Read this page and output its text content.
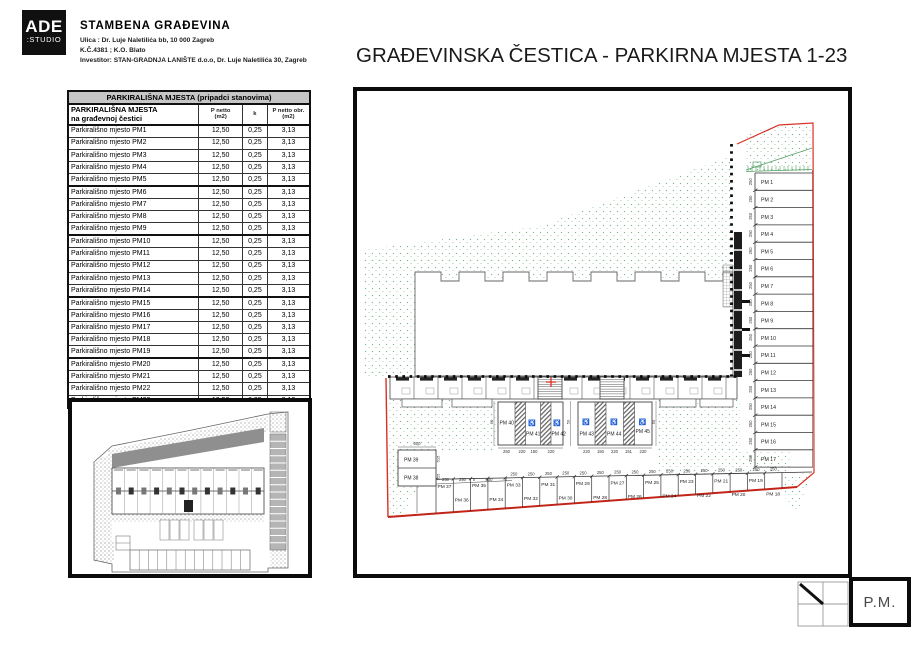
ADE
:STUDIO
STAMBENA GRAĐEVINA
Ulica : Dr. Luje Naletilića bb, 10 000 Zagreb
K.Č.4381 ; K.O. Blato
Investitor: STAN-GRADNJA LANIŠTE d.o.o, Dr. Luje Naletilića 30, Zagreb	GRAĐEVINSKA ČESTICA - PARKIRNA MJESTA 1-23
PARKIRALIŠNA MJESTA (pripadci stanovima)			
PARKIRALIŠNA MJESTA
na građevnoj čestici	P netto
(m2)	k	P netto obr.
(m2)
Parkirališno mjesto PM1	12,50	0,25	3,13
Parkirališno mjesto PM2	12,50	0,25	3,13
Parkirališno mjesto PM3	12,50	0,25	3,13
Parkirališno mjesto PM4	12,50	0,25	3,13
Parkirališno mjesto PM5	12,50	0,25	3,13
Parkirališno mjesto PM6	12,50	0,25	3,13
Parkirališno mjesto PM7	12,50	0,25	3,13
Parkirališno mjesto PM8	12,50	0,25	3,13
Parkirališno mjesto PM9	12,50	0,25	3,13
Parkirališno mjesto PM10	12,50	0,25	3,13
Parkirališno mjesto PM11	12,50	0,25	3,13
Parkirališno mjesto PM12	12,50	0,25	3,13
Parkirališno mjesto PM13	12,50	0,25	3,13
Parkirališno mjesto PM14	12,50	0,25	3,13
Parkirališno mjesto PM15	12,50	0,25	3,13
Parkirališno mjesto PM16	12,50	0,25	3,13
Parkirališno mjesto PM17	12,50	0,25	3,13
Parkirališno mjesto PM18	12,50	0,25	3,13
Parkirališno mjesto PM19	12,50	0,25	3,13
Parkirališno mjesto PM20	12,50	0,25	3,13
Parkirališno mjesto PM21	12,50	0,25	3,13
Parkirališno mjesto PM22	12,50	0,25	3,13

PM 1
250
PM 2
250
PM 3
250
PM 4
250
PM 5
250
PM 6
250
PM 7
250
PM 8
250
PM 9
250
PM 10
250
PM 11
250
PM 12
250
PM 13
250
PM 14
250
PM 15
250
PM 16
250
PM 17
250
PM 37
PM 36
PM 35
PM 34
PM 33
250
PM 32
250
PM 31
250
PM 30
250
PM 29
250
PM 28
250
PM 27
250
PM 26
250
PM 25
250
PM 24
250
PM 23
250
PM 22
250
PM 21
250
PM 20
250
PM 19
250
PM 18
250
PM 39
PM 38
600
515
315 250 250 0 500	0
PM 40
PM 41 PM 42
♿	♿
250 220 150 220
PM 43	PM 44	PM 45
♿	♿	♿
220 150 220 151 220
50	50	50
P.M.
